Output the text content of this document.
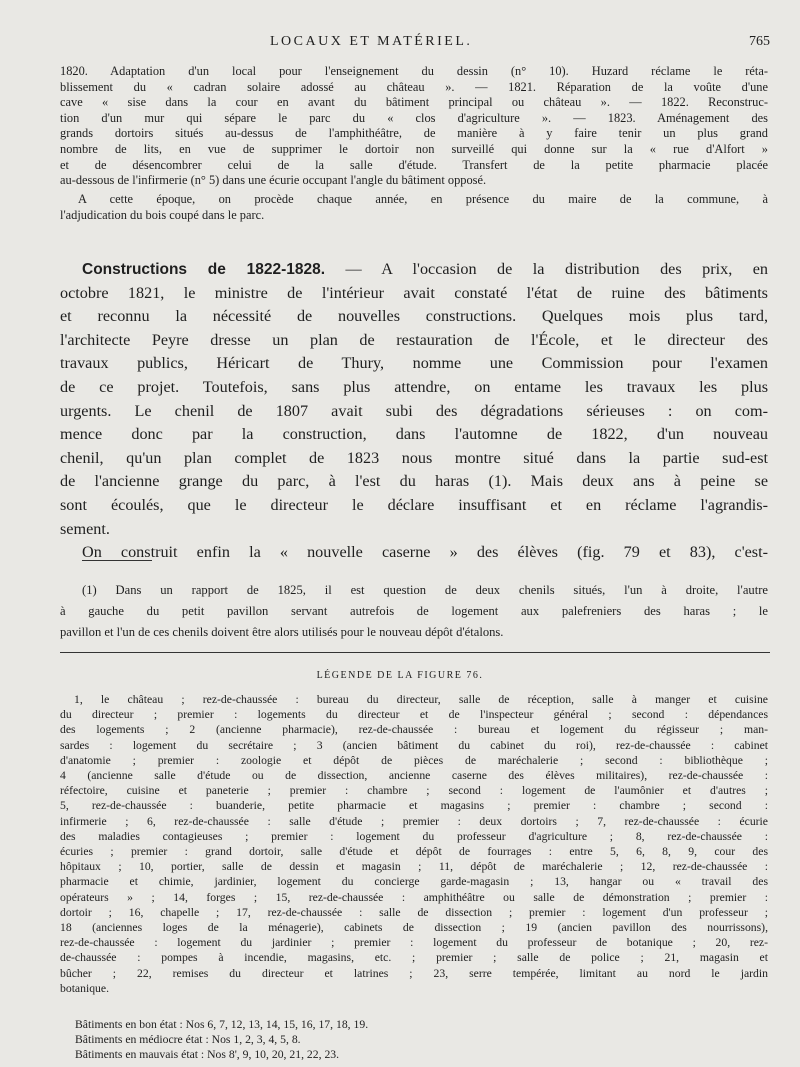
LOCAUX ET MATÉRIEL.	765
1820. Adaptation d'un local pour l'enseignement du dessin (n° 10). Huzard réclame le réta-
blissement du « cadran solaire adossé au château ». — 1821. Réparation de la voûte d'une
cave « sise dans la cour en avant du bâtiment principal ou château ». — 1822. Reconstruc-
tion d'un mur qui sépare le parc du « clos d'agriculture ». — 1823. Aménagement des
grands dortoirs situés au-dessus de l'amphithéâtre, de manière à y faire tenir un plus grand
nombre de lits, en vue de supprimer le dortoir non surveillé qui donne sur la « rue d'Alfort »
et de désencombrer celui de la salle d'étude. Transfert de la petite pharmacie placée
au-dessous de l'infirmerie (n° 5) dans une écurie occupant l'angle du bâtiment opposé.
A cette époque, on procède chaque année, en présence du maire de la commune, à
l'adjudication du bois coupé dans le parc.
Constructions de 1822-1828. — A l'occasion de la distribution des prix, en
octobre 1821, le ministre de l'intérieur avait constaté l'état de ruine des bâtiments
et reconnu la nécessité de nouvelles constructions. Quelques mois plus tard,
l'architecte Peyre dresse un plan de restauration de l'École, et le directeur des
travaux publics, Héricart de Thury, nomme une Commission pour l'examen
de ce projet. Toutefois, sans plus attendre, on entame les travaux les plus
urgents. Le chenil de 1807 avait subi des dégradations sérieuses : on com-
mence donc par la construction, dans l'automne de 1822, d'un nouveau
chenil, qu'un plan complet de 1823 nous montre situé dans la partie sud-est
de l'ancienne grange du parc, à l'est du haras (1). Mais deux ans à peine se
sont écoulés, que le directeur le déclare insuffisant et en réclame l'agrandis-
sement.
On construit enfin la « nouvelle caserne » des élèves (fig. 79 et 83), c'est-
(1) Dans un rapport de 1825, il est question de deux chenils situés, l'un à droite, l'autre
à gauche du petit pavillon servant autrefois de logement aux palefreniers des haras ; le
pavillon et l'un de ces chenils doivent être alors utilisés pour le nouveau dépôt d'étalons.
LÉGENDE DE LA FIGURE 76.
1, le château ; rez-de-chaussée : bureau du directeur, salle de réception, salle à manger et cuisine
du directeur ; premier : logements du directeur et de l'inspecteur général ; second : dépendances
des logements ; 2 (ancienne pharmacie), rez-de-chaussée : bureau et logement du régisseur ; man-
sardes : logement du secrétaire ; 3 (ancien bâtiment du cabinet du roi), rez-de-chaussée : cabinet
d'anatomie ; premier : zoologie et dépôt de pièces de maréchalerie ; second : bibliothèque ;
4 (ancienne salle d'étude ou de dissection, ancienne caserne des élèves militaires), rez-de-chaussée :
réfectoire, cuisine et paneterie ; premier : chambre ; second : logement de l'aumônier et d'autres ;
5, rez-de-chaussée : buanderie, petite pharmacie et magasins ; premier : chambre ; second :
infirmerie ; 6, rez-de-chaussée : salle d'étude ; premier : deux dortoirs ; 7, rez-de-chaussée : écurie
des maladies contagieuses ; premier : logement du professeur d'agriculture ; 8, rez-de-chaussée :
écuries ; premier : grand dortoir, salle d'étude et dépôt de fourrages : entre 5, 6, 8, 9, cour des
hôpitaux ; 10, portier, salle de dessin et magasin ; 11, dépôt de maréchalerie ; 12, rez-de-chaussée :
pharmacie et chimie, jardinier, logement du concierge garde-magasin ; 13, hangar ou « travail des
opérateurs » ; 14, forges ; 15, rez-de-chaussée : amphithéâtre ou salle de démonstration ; premier :
dortoir ; 16, chapelle ; 17, rez-de-chaussée : salle de dissection ; premier : logement d'un professeur ;
18 (anciennes loges de la ménagerie), cabinets de dissection ; 19 (ancien pavillon des nourrissons),
rez-de-chaussée : logement du jardinier ; premier : logement du professeur de botanique ; 20, rez-
de-chaussée : pompes à incendie, magasins, etc. ; premier ; salle de police ; 21, magasin et
bûcher ; 22, remises du directeur et latrines ; 23, serre tempérée, limitant au nord le jardin
botanique.
Bâtiments en bon état : Nos 6, 7, 12, 13, 14, 15, 16, 17, 18, 19.
Bâtiments en médiocre état : Nos 1, 2, 3, 4, 5, 8.
Bâtiments en mauvais état : Nos 8', 9, 10, 20, 21, 22, 23.
